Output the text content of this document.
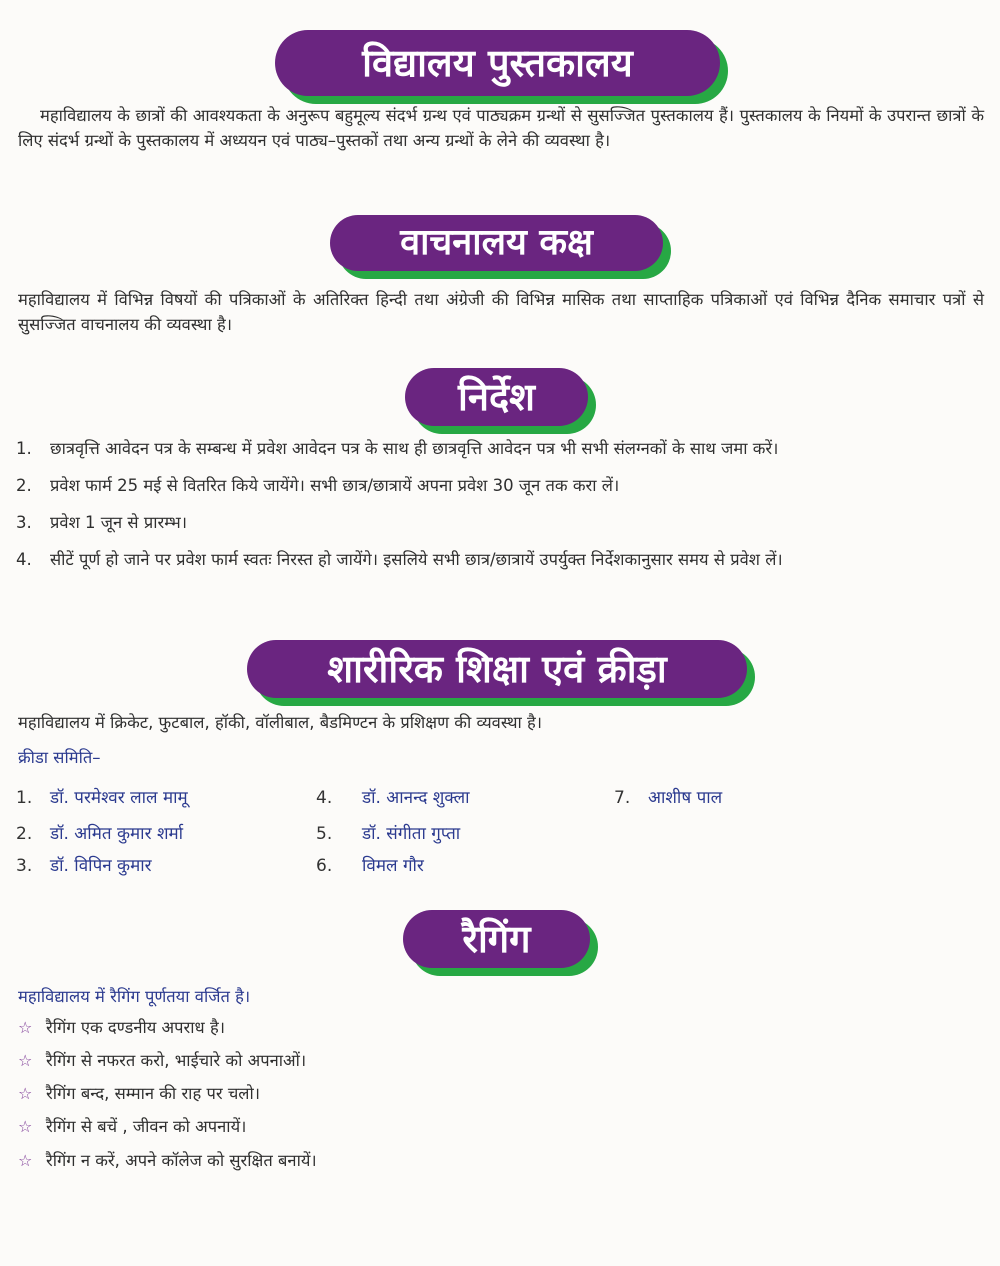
विद्यालय पुस्तकालय
महाविद्यालय के छात्रों की आवश्यकता के अनुरूप बहुमूल्य संदर्भ ग्रन्थ एवं पाठ्यक्रम ग्रन्थों से सुसज्जित पुस्तकालय हैं। पुस्तकालय के नियमों के उपरान्त छात्रों के लिए संदर्भ ग्रन्थों के पुस्तकालय में अध्ययन एवं पाठ्य–पुस्तकों तथा अन्य ग्रन्थों के लेने की व्यवस्था है।
वाचनालय कक्ष
महाविद्यालय में विभिन्न विषयों की पत्रिकाओं के अतिरिक्त हिन्दी तथा अंग्रेजी की विभिन्न मासिक तथा साप्ताहिक पत्रिकाओं एवं विभिन्न दैनिक समाचार पत्रों से सुसज्जित वाचनालय की व्यवस्था है।
निर्देश
1. छात्रवृत्ति आवेदन पत्र के सम्बन्ध में प्रवेश आवेदन पत्र के साथ ही छात्रवृत्ति आवेदन पत्र भी सभी संलग्नकों के साथ जमा करें।
2. प्रवेश फार्म 25 मई से वितरित किये जायेंगे। सभी छात्र/छात्रायें अपना प्रवेश 30 जून तक करा लें।
3. प्रवेश 1 जून से प्रारम्भ।
4. सीटें पूर्ण हो जाने पर प्रवेश फार्म स्वतः निरस्त हो जायेंगे। इसलिये सभी छात्र/छात्रायें उपर्युक्त निर्देशकानुसार समय से प्रवेश लें।
शारीरिक शिक्षा एवं क्रीड़ा
महाविद्यालय में क्रिकेट, फुटबाल, हॉकी, वॉलीबाल, बैडमिण्टन के प्रशिक्षण की व्यवस्था है।
क्रीडा समिति–
1. डॉ. परमेश्वर लाल मामू
2. डॉ. अमित कुमार शर्मा
3. डॉ. विपिन कुमार
4. डॉ. आनन्द शुक्ला
5. डॉ. संगीता गुप्ता
6. विमल गौर
7. आशीष पाल
रैगिंग
महाविद्यालय में रैगिंग पूर्णतया वर्जित है।
☆ रैगिंग एक दण्डनीय अपराध है।
☆ रैगिंग से नफरत करो, भाईचारे को अपनाओं।
☆ रैगिंग बन्द, सम्मान की राह पर चलो।
☆ रैगिंग से बचें , जीवन को अपनायें।
☆ रैगिंग न करें, अपने कॉलेज को सुरक्षित बनायें।
